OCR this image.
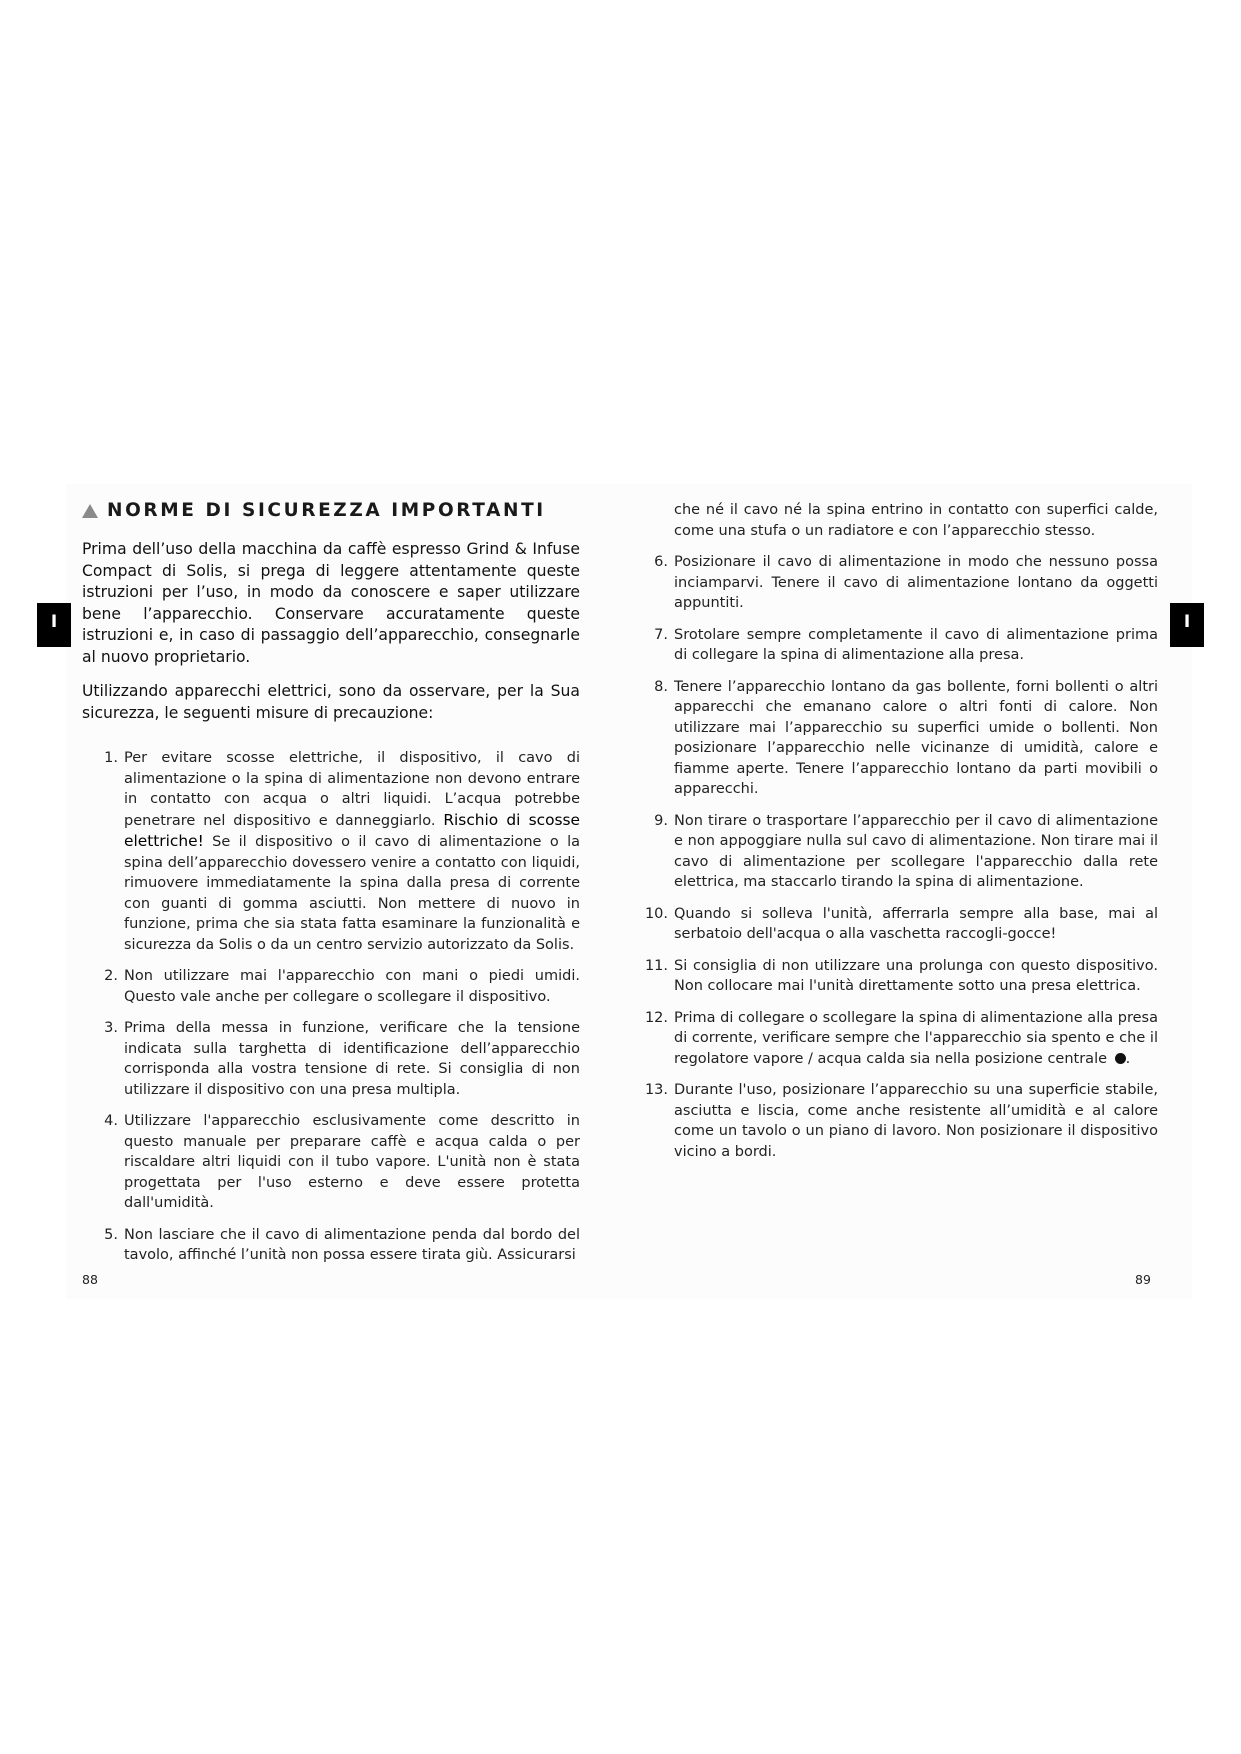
I	I
NORME DI SICUREZZA IMPORTANTI

Prima dell’uso della macchina da caffè espresso Grind & Infuse Compact di Solis, si prega di leggere attentamente queste istruzioni per l’uso, in modo da conoscere e saper utilizzare bene l’apparecchio. Conservare accuratamente queste istruzioni e, in caso di passaggio dell’apparecchio, consegnarle al nuovo proprietario.

Utilizzando apparecchi elettrici, sono da osservare, per la Sua sicurezza, le seguenti misure di precauzione:

1. Per evitare scosse elettriche, il dispositivo, il cavo di alimentazione o la spina di alimentazione non devono entrare in contatto con acqua o altri liquidi. L’acqua potrebbe penetrare nel dispositivo e danneggiarlo. Rischio di scosse elettriche! Se il dispositivo o il cavo di alimentazione o la spina dell’apparecchio dovessero venire a contatto con liquidi, rimuovere immediatamente la spina dalla presa di corrente con guanti di gomma asciutti. Non mettere di nuovo in funzione, prima che sia stata fatta esaminare la funzionalità e sicurezza da Solis o da un centro servizio autorizzato da Solis.
2. Non utilizzare mai l'apparecchio con mani o piedi umidi. Questo vale anche per collegare o scollegare il dispositivo.
3. Prima della messa in funzione, verificare che la tensione indicata sulla targhetta di identificazione dell’apparecchio corrisponda alla vostra tensione di rete. Si consiglia di non utilizzare il dispositivo con una presa multipla.
4. Utilizzare l'apparecchio esclusivamente come descritto in questo manuale per preparare caffè e acqua calda o per riscaldare altri liquidi con il tubo vapore. L'unità non è stata progettata per l'uso esterno e deve essere protetta dall'umidità.
5. Non lasciare che il cavo di alimentazione penda dal bordo del tavolo, affinché l’unità non possa essere tirata giù. Assicurarsi

che né il cavo né la spina entrino in contatto con superfici calde, come una stufa o un radiatore e con l’apparecchio stesso.

6. Posizionare il cavo di alimentazione in modo che nessuno possa inciamparvi. Tenere il cavo di alimentazione lontano da oggetti appuntiti.
7. Srotolare sempre completamente il cavo di alimentazione prima di collegare la spina di alimentazione alla presa.
8. Tenere l’apparecchio lontano da gas bollente, forni bollenti o altri apparecchi che emanano calore o altri fonti di calore. Non utilizzare mai l’apparecchio su superfici umide o bollenti. Non posizionare l’apparecchio nelle vicinanze di umidità, calore e fiamme aperte. Tenere l’apparecchio lontano da parti movibili o apparecchi.
9. Non tirare o trasportare l’apparecchio per il cavo di alimentazione e non appoggiare nulla sul cavo di alimentazione. Non tirare mai il cavo di alimentazione per scollegare l'apparecchio dalla rete elettrica, ma staccarlo tirando la spina di alimentazione.
10. Quando si solleva l'unità, afferrarla sempre alla base, mai al serbatoio dell'acqua o alla vaschetta raccogli-gocce!
11. Si consiglia di non utilizzare una prolunga con questo dispositivo. Non collocare mai l'unità direttamente sotto una presa elettrica.
12. Prima di collegare o scollegare la spina di alimentazione alla presa di corrente, verificare sempre che l'apparecchio sia spento e che il regolatore vapore / acqua calda sia nella posizione centrale .
13. Durante l'uso, posizionare l’apparecchio su una superficie stabile, asciutta e liscia, come anche resistente all’umidità e al calore come un tavolo o un piano di lavoro. Non posizionare il dispositivo vicino a bordi.
88	89
